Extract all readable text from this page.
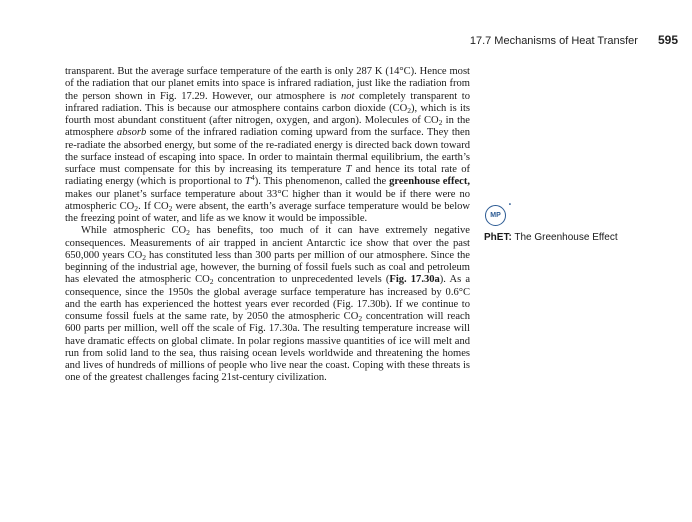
17.7 Mechanisms of Heat Transfer 595

transparent. But the average surface temperature of the earth is only 287 K (14°C). Hence most of the radiation that our planet emits into space is infrared radiation, just like the radiation from the person shown in Fig. 17.29. However, our atmosphere is not completely transparent to infrared radiation. This is because our atmosphere contains carbon dioxide $(CO_2)$, which is its fourth most abundant constituent (after nitrogen, oxygen, and argon). Molecules of $CO_2$ in the atmosphere absorb some of the infrared radiation coming upward from the surface. They then re-radiate the absorbed energy, but some of the re-radiated energy is directed back down toward the surface instead of escaping into space. In order to maintain thermal equilibrium, the earth’s surface must compensate for this by increasing its temperature T and hence its total rate of radiating energy (which is proportional to $T^4$). This phenomenon, called the greenhouse effect, makes our planet’s surface temperature about 33°C higher than it would be if there were no atmospheric $CO_2$. If $CO_2$ were absent, the earth’s average surface temperature would be below the freezing point of water, and life as we know it would be impossible.

While atmospheric $CO_2$ has benefits, too much of it can have extremely negative consequences. Measurements of air trapped in ancient Antarctic ice show that over the past 650,000 years $CO_2$ has constituted less than 300 parts per million of our atmosphere. Since the beginning of the industrial age, however, the burning of fossil fuels such as coal and petroleum has elevated the atmospheric $CO_2$ concentration to unprecedented levels (Fig. 17.30a). As a consequence, since the 1950s the global average surface temperature has increased by 0.6°C and the earth has experienced the hottest years ever recorded (Fig. 17.30b). If we continue to consume fossil fuels at the same rate, by 2050 the atmospheric $CO_2$ concentration will reach 600 parts per million, well off the scale of Fig. 17.30a. The resulting temperature increase will have dramatic effects on global climate. In polar regions massive quantities of ice will melt and run from solid land to the sea, thus raising ocean levels worldwide and threatening the homes and lives of hundreds of millions of people who live near the coast. Coping with these threats is one of the greatest challenges facing 21st-century civilization.

MP
•
PhET: The Greenhouse Effect
